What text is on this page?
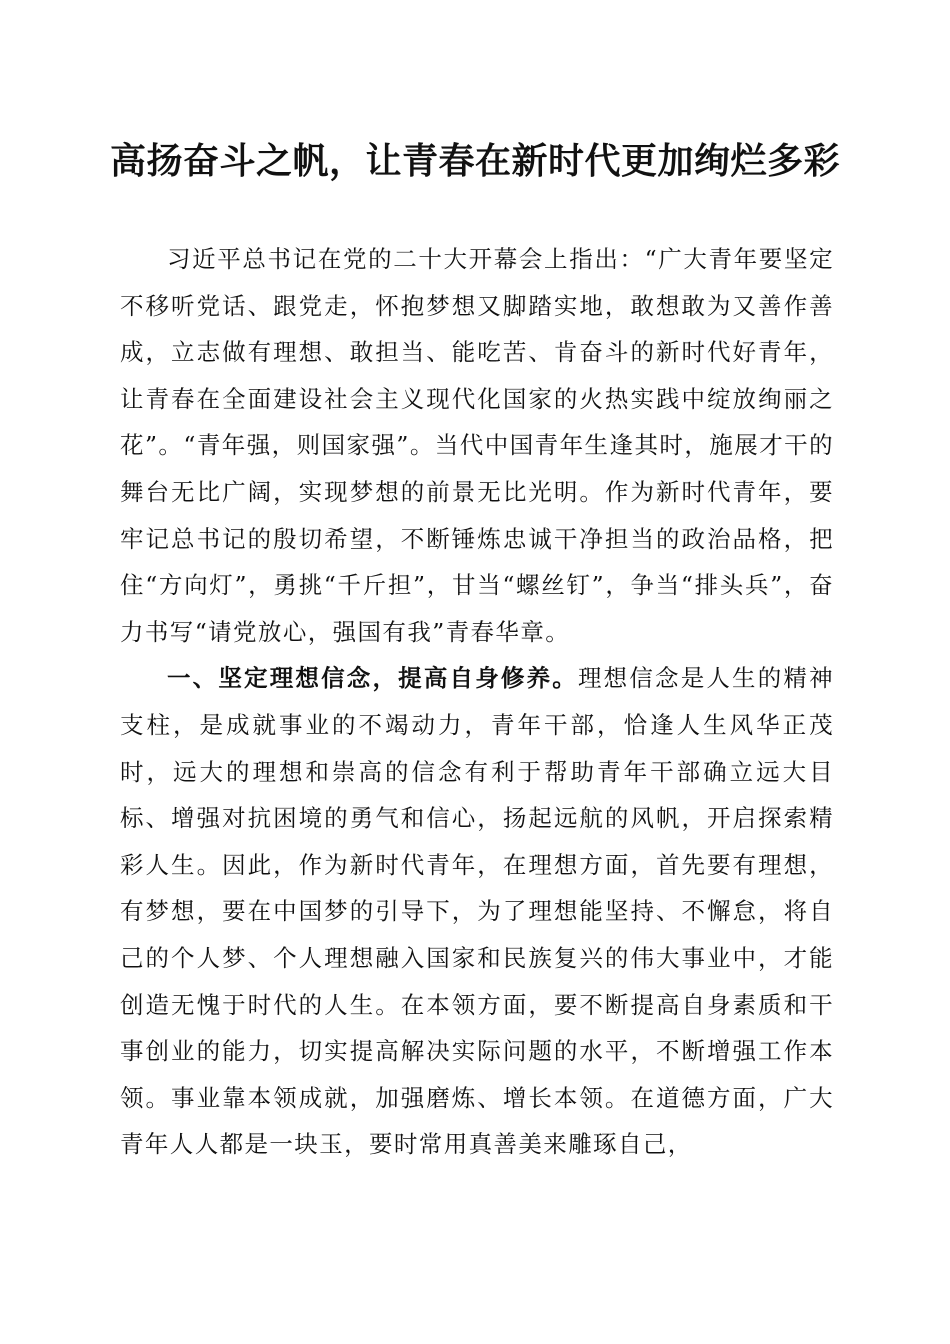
高扬奋斗之帆，让青春在新时代更加绚烂多彩

习近平总书记在党的二十大开幕会上指出：“广大青年要坚定不移听党话、跟党走，怀抱梦想又脚踏实地，敢想敢为又善作善成，立志做有理想、敢担当、能吃苦、肯奋斗的新时代好青年，让青春在全面建设社会主义现代化国家的火热实践中绽放绚丽之花”。“青年强，则国家强”。当代中国青年生逢其时，施展才干的舞台无比广阔，实现梦想的前景无比光明。作为新时代青年，要牢记总书记的殷切希望，不断锤炼忠诚干净担当的政治品格，把住“方向灯”，勇挑“千斤担”，甘当“螺丝钉”，争当“排头兵”，奋力书写“请党放心，强国有我”青春华章。

一、坚定理想信念，提高自身修养。理想信念是人生的精神支柱，是成就事业的不竭动力，青年干部，恰逢人生风华正茂时，远大的理想和崇高的信念有利于帮助青年干部确立远大目标、增强对抗困境的勇气和信心，扬起远航的风帆，开启探索精彩人生。因此，作为新时代青年，在理想方面，首先要有理想，有梦想，要在中国梦的引导下，为了理想能坚持、不懈怠，将自己的个人梦、个人理想融入国家和民族复兴的伟大事业中，才能创造无愧于时代的人生。在本领方面，要不断提高自身素质和干事创业的能力，切实提高解决实际问题的水平，不断增强工作本领。事业靠本领成就，加强磨炼、增长本领。在道德方面，广大青年人人都是一块玉，要时常用真善美来雕琢自己，
